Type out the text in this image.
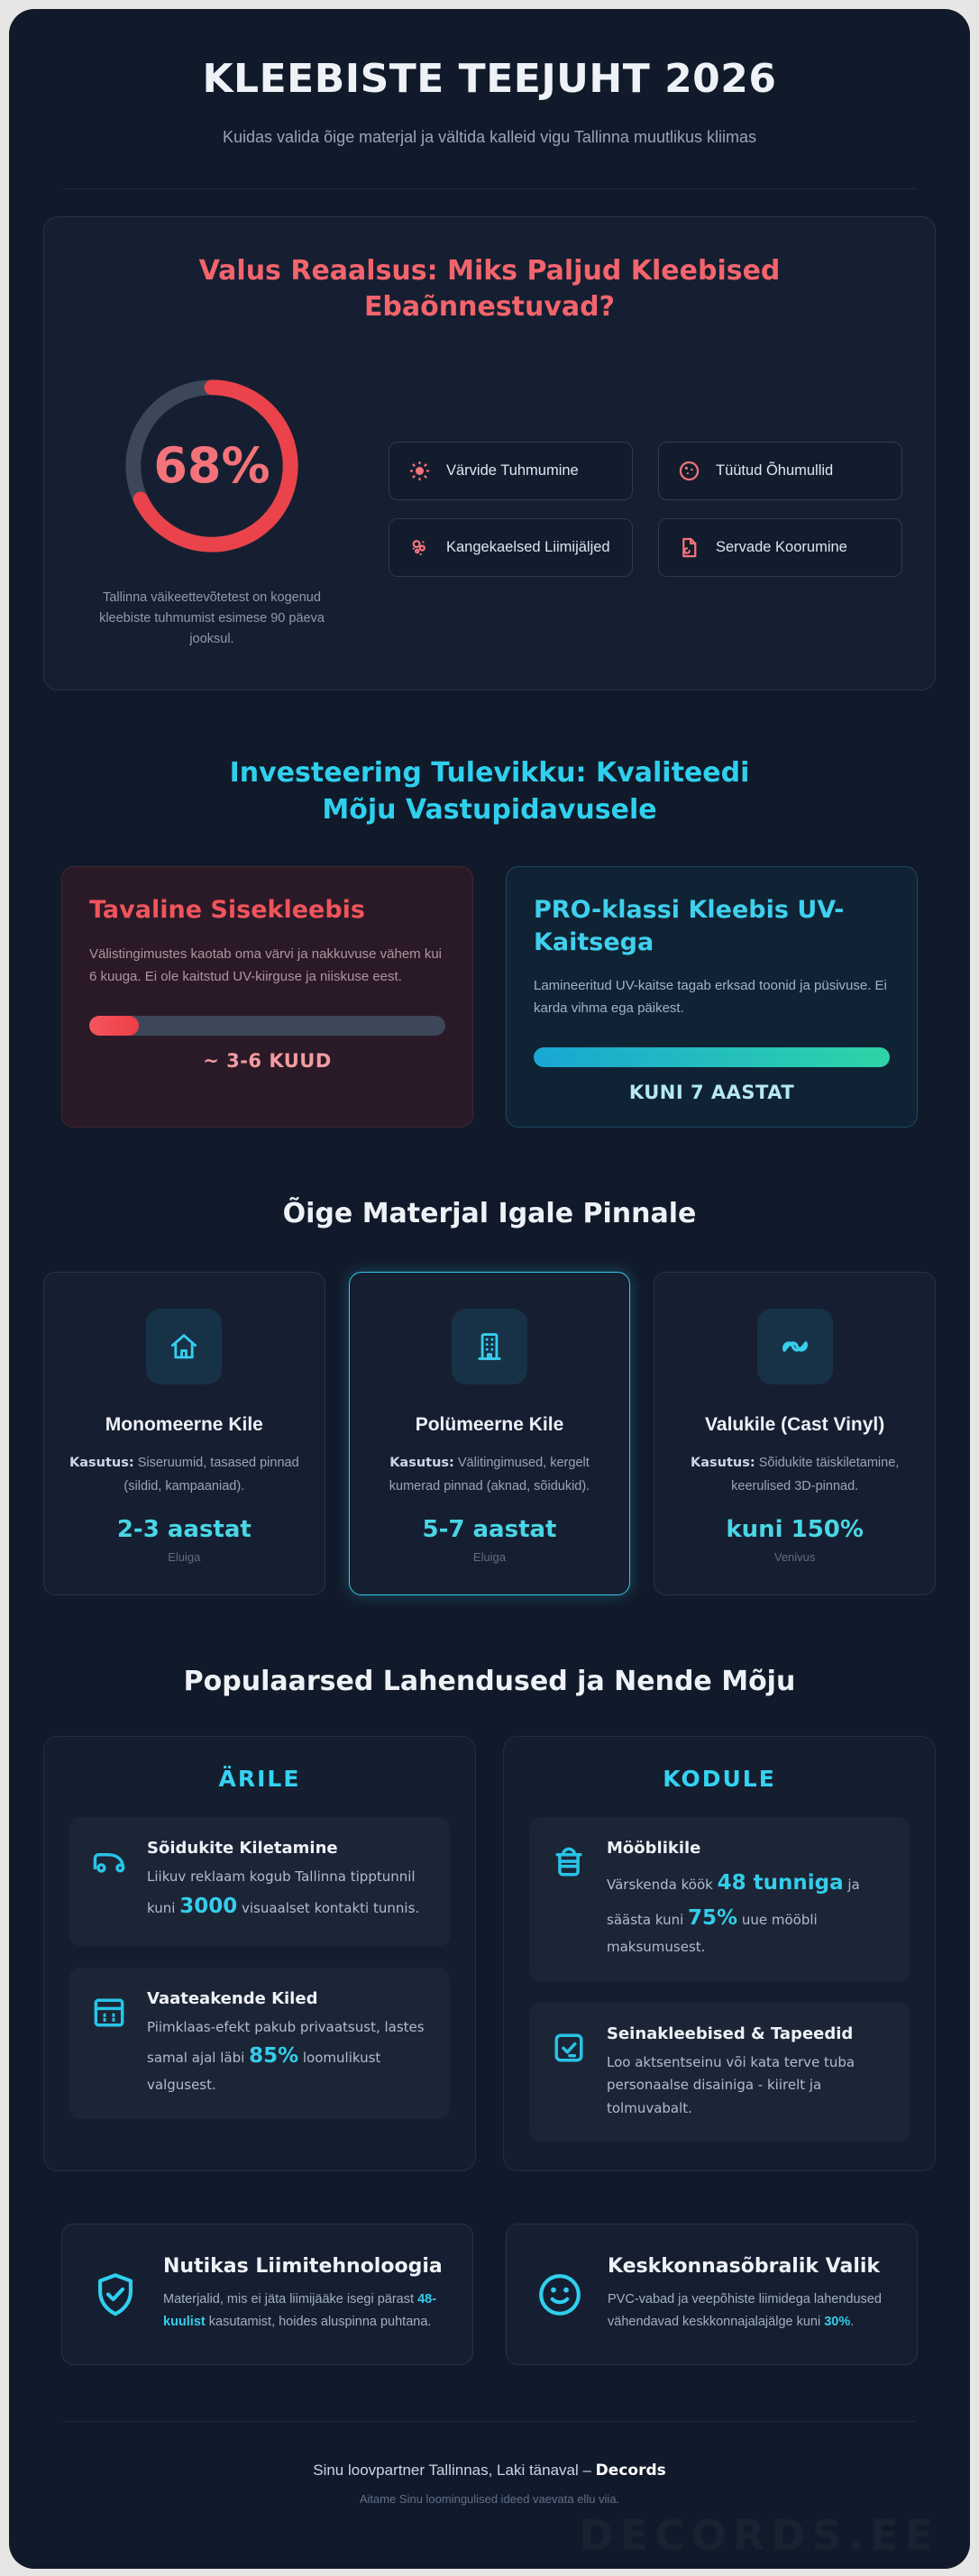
KLEEBISTE TEEJUHT 2026

Kuidas valida õige materjal ja vältida kalleid vigu Tallinna muutlikus kliimas

Valus Reaalsus: Miks Paljud Kleebised Ebaõnnestuvad?
68%

Tallinna väikeettevõtetest on kogenud kleebiste tuhmumist esimese 90 päeva jooksul.

Värvide Tuhmumine	Tüütud Õhumullid
Kangekaelsed Liimijäljed	Servade Koorumine
Investeering Tulevikku: Kvaliteedi Mõju Vastupidavusele
Tavaline Sisekleebis

Välistingimustes kaotab oma värvi ja nakkuvuse vähem kui 6 kuuga. Ei ole kaitstud UV-kiirguse ja niiskuse eest.

~ 3-6 KUUD
PRO-klassi Kleebis UV-Kaitsega

Lamineeritud UV-kaitse tagab erksad toonid ja püsivuse. Ei karda vihma ega päikest.

KUNI 7 AASTAT
Õige Materjal Igale Pinnale
Monomeerne Kile

Kasutus: Siseruumid, tasased pinnad (sildid, kampaaniad).

2-3 aastat
Eluiga
Polümeerne Kile

Kasutus: Välitingimused, kergelt kumerad pinnad (aknad, sõidukid).

5-7 aastat
Eluiga
Valukile (Cast Vinyl)

Kasutus: Sõidukite täiskiletamine, keerulised 3D-pinnad.

kuni 150%
Venivus
Populaarsed Lahendused ja Nende Mõju
ÄRILE
Sõidukite Kiletamine

Liikuv reklaam kogub Tallinna tipptunnil kuni 3000 visuaalset kontakti tunnis.

Vaateakende Kiled

Piimklaas-efekt pakub privaatsust, lastes samal ajal läbi 85% loomulikust valgusest.

KODULE
Mööblikile

Värskenda köök 48 tunniga ja säästa kuni 75% uue mööbli maksumusest.

Seinakleebised & Tapeedid

Loo aktsentseinu või kata terve tuba personaalse disainiga - kiirelt ja tolmuvabalt.

Nutikas Liimitehnoloogia

Materjalid, mis ei jäta liimijääke isegi pärast 48-kuulist kasutamist, hoides aluspinna puhtana.

Keskkonnasõbralik Valik

PVC-vabad ja veepõhiste liimidega lahendused vähendavad keskkonnajalajälge kuni 30%.

Sinu loovpartner Tallinnas, Laki tänaval – Decords

Aitame Sinu loomingulised ideed vaevata ellu viia.
